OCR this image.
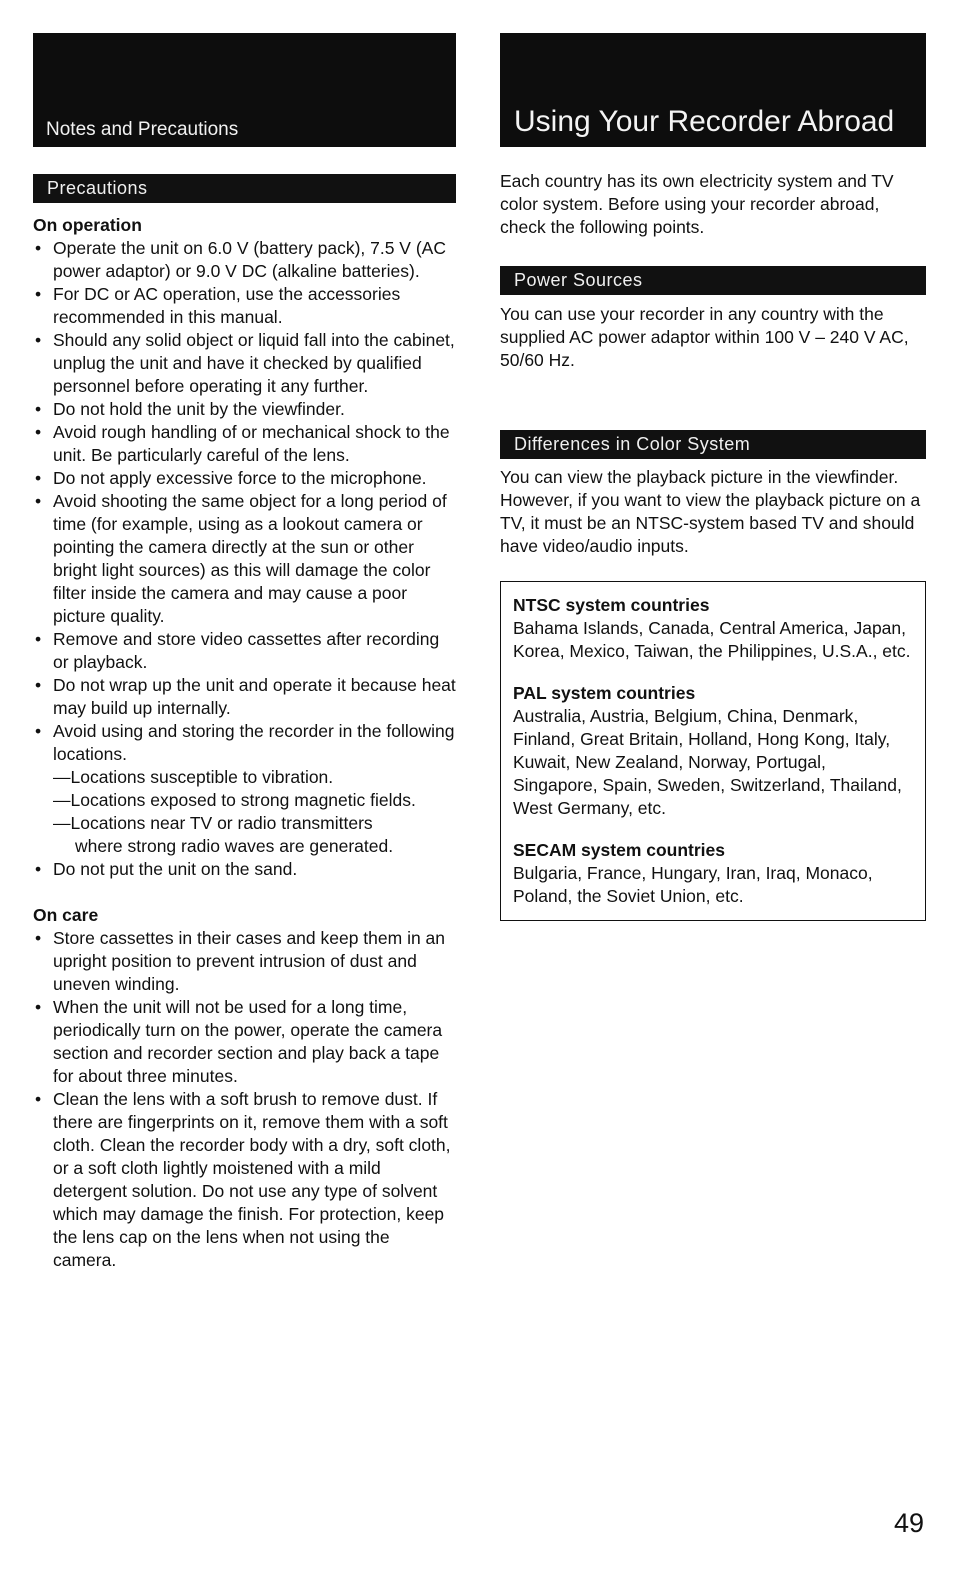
Notes and Precautions
Precautions

On operation

• Operate the unit on 6.0 V (battery pack), 7.5 V (AC power adaptor) or 9.0 V DC (alkaline batteries).
• For DC or AC operation, use the accessories recommended in this manual.
• Should any solid object or liquid fall into the cabinet, unplug the unit and have it checked by qualified personnel before operating it any further.
• Do not hold the unit by the viewfinder.
• Avoid rough handling of or mechanical shock to the unit. Be particularly careful of the lens.
• Do not apply excessive force to the microphone.
• Avoid shooting the same object for a long period of time (for example, using as a lookout camera or pointing the camera directly at the sun or other bright light sources) as this will damage the color filter inside the camera and may cause a poor picture quality.
• Remove and store video cassettes after recording or playback.
• Do not wrap up the unit and operate it because heat may build up internally.
• Avoid using and storing the recorder in the following locations.
—Locations susceptible to vibration.
—Locations exposed to strong magnetic fields.
—Locations near TV or radio transmitters
where strong radio waves are generated.
• Do not put the unit on the sand.

On care

• Store cassettes in their cases and keep them in an upright position to prevent intrusion of dust and uneven winding.
• When the unit will not be used for a long time, periodically turn on the power, operate the camera section and recorder section and play back a tape for about three minutes.
• Clean the lens with a soft brush to remove dust. If there are fingerprints on it, remove them with a soft cloth. Clean the recorder body with a dry, soft cloth, or a soft cloth lightly moistened with a mild detergent solution. Do not use any type of solvent which may damage the finish. For protection, keep the lens cap on the lens when not using the camera.
Using Your Recorder Abroad

Each country has its own electricity system and TV color system. Before using your recorder abroad, check the following points.

Power Sources

You can use your recorder in any country with the supplied AC power adaptor within 100 V – 240 V AC, 50/60 Hz.

Differences in Color System

You can view the playback picture in the viewfinder. However, if you want to view the playback picture on a TV, it must be an NTSC-system based TV and should have video/audio inputs.

NTSC system countries
Bahama Islands, Canada, Central America, Japan, Korea, Mexico, Taiwan, the Philippines, U.S.A., etc.
PAL system countries
Australia, Austria, Belgium, China, Denmark, Finland, Great Britain, Holland, Hong Kong, Italy, Kuwait, New Zealand, Norway, Portugal, Singapore, Spain, Sweden, Switzerland, Thailand, West Germany, etc.
SECAM system countries
Bulgaria, France, Hungary, Iran, Iraq, Monaco, Poland, the Soviet Union, etc.
49
